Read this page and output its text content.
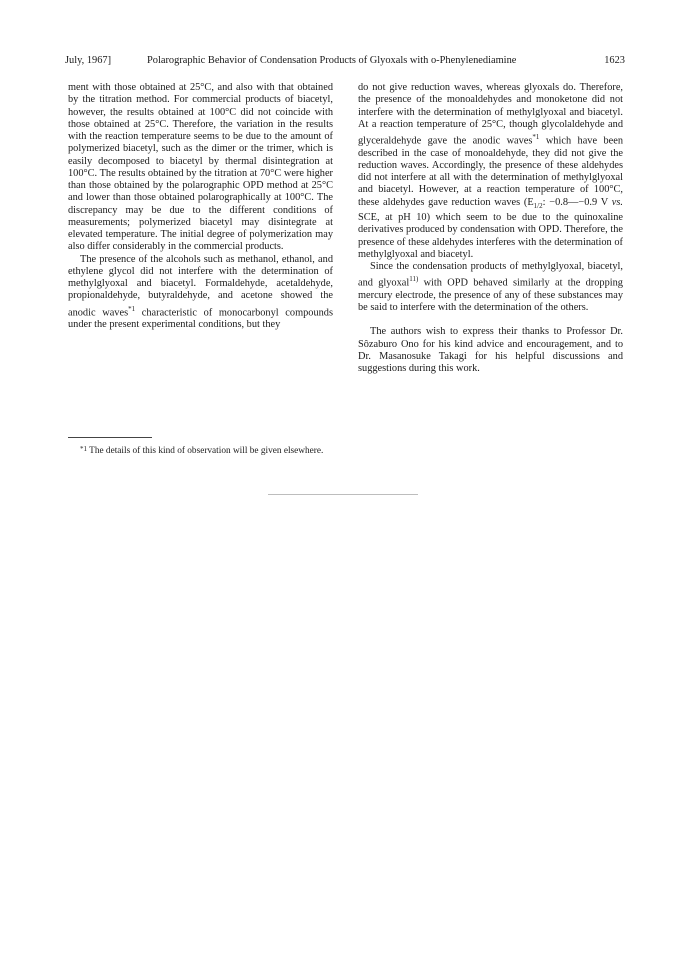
July, 1967]	Polarographic Behavior of Condensation Products of Glyoxals with o-Phenylenediamine	1623

ment with those obtained at 25°C, and also with that obtained by the titration method. For commercial products of biacetyl, however, the results obtained at 100°C did not coincide with those obtained at 25°C. Therefore, the variation in the results with the reaction temperature seems to be due to the amount of polymerized biacetyl, such as the dimer or the trimer, which is easily decomposed to biacetyl by thermal disintegration at 100°C. The results obtained by the titration at 70°C were higher than those obtained by the polarographic OPD method at 25°C and lower than those obtained polarographically at 100°C. The discrepancy may be due to the different conditions of measurements; polymerized biacetyl may disintegrate at elevated temperature. The initial degree of polymerization may also differ considerably in the commercial products.

The presence of the alcohols such as methanol, ethanol, and ethylene glycol did not interfere with the determination of methylglyoxal and biacetyl. Formaldehyde, acetaldehyde, propionaldehyde, butyraldehyde, and acetone showed the anodic waves$^{*1}$ characteristic of monocarbonyl compounds under the present experimental conditions, but they

$^{*1}$ The details of this kind of observation will be given elsewhere.

do not give reduction waves, whereas glyoxals do. Therefore, the presence of the monoaldehydes and monoketone did not interfere with the determination of methylglyoxal and biacetyl. At a reaction temperature of 25°C, though glycolaldehyde and glyceraldehyde gave the anodic waves$^{*1}$ which have been described in the case of monoaldehyde, they did not give the reduction waves. Accordingly, the presence of these aldehydes did not interfere at all with the determination of methylglyoxal and biacetyl. However, at a reaction temperature of 100°C, these aldehydes gave reduction waves ($E_{1/2}$: −0.8—−0.9 V vs. SCE, at pH 10) which seem to be due to the quinoxaline derivatives produced by condensation with OPD. Therefore, the presence of these aldehydes interferes with the determination of methylglyoxal and biacetyl.

Since the condensation products of methylglyoxal, biacetyl, and glyoxal$^{11)}$ with OPD behaved similarly at the dropping mercury electrode, the presence of any of these substances may be said to interfere with the determination of the others.

The authors wish to express their thanks to Professor Dr. Sôzaburo Ono for his kind advice and encouragement, and to Dr. Masanosuke Takagi for his helpful discussions and suggestions during this work.
